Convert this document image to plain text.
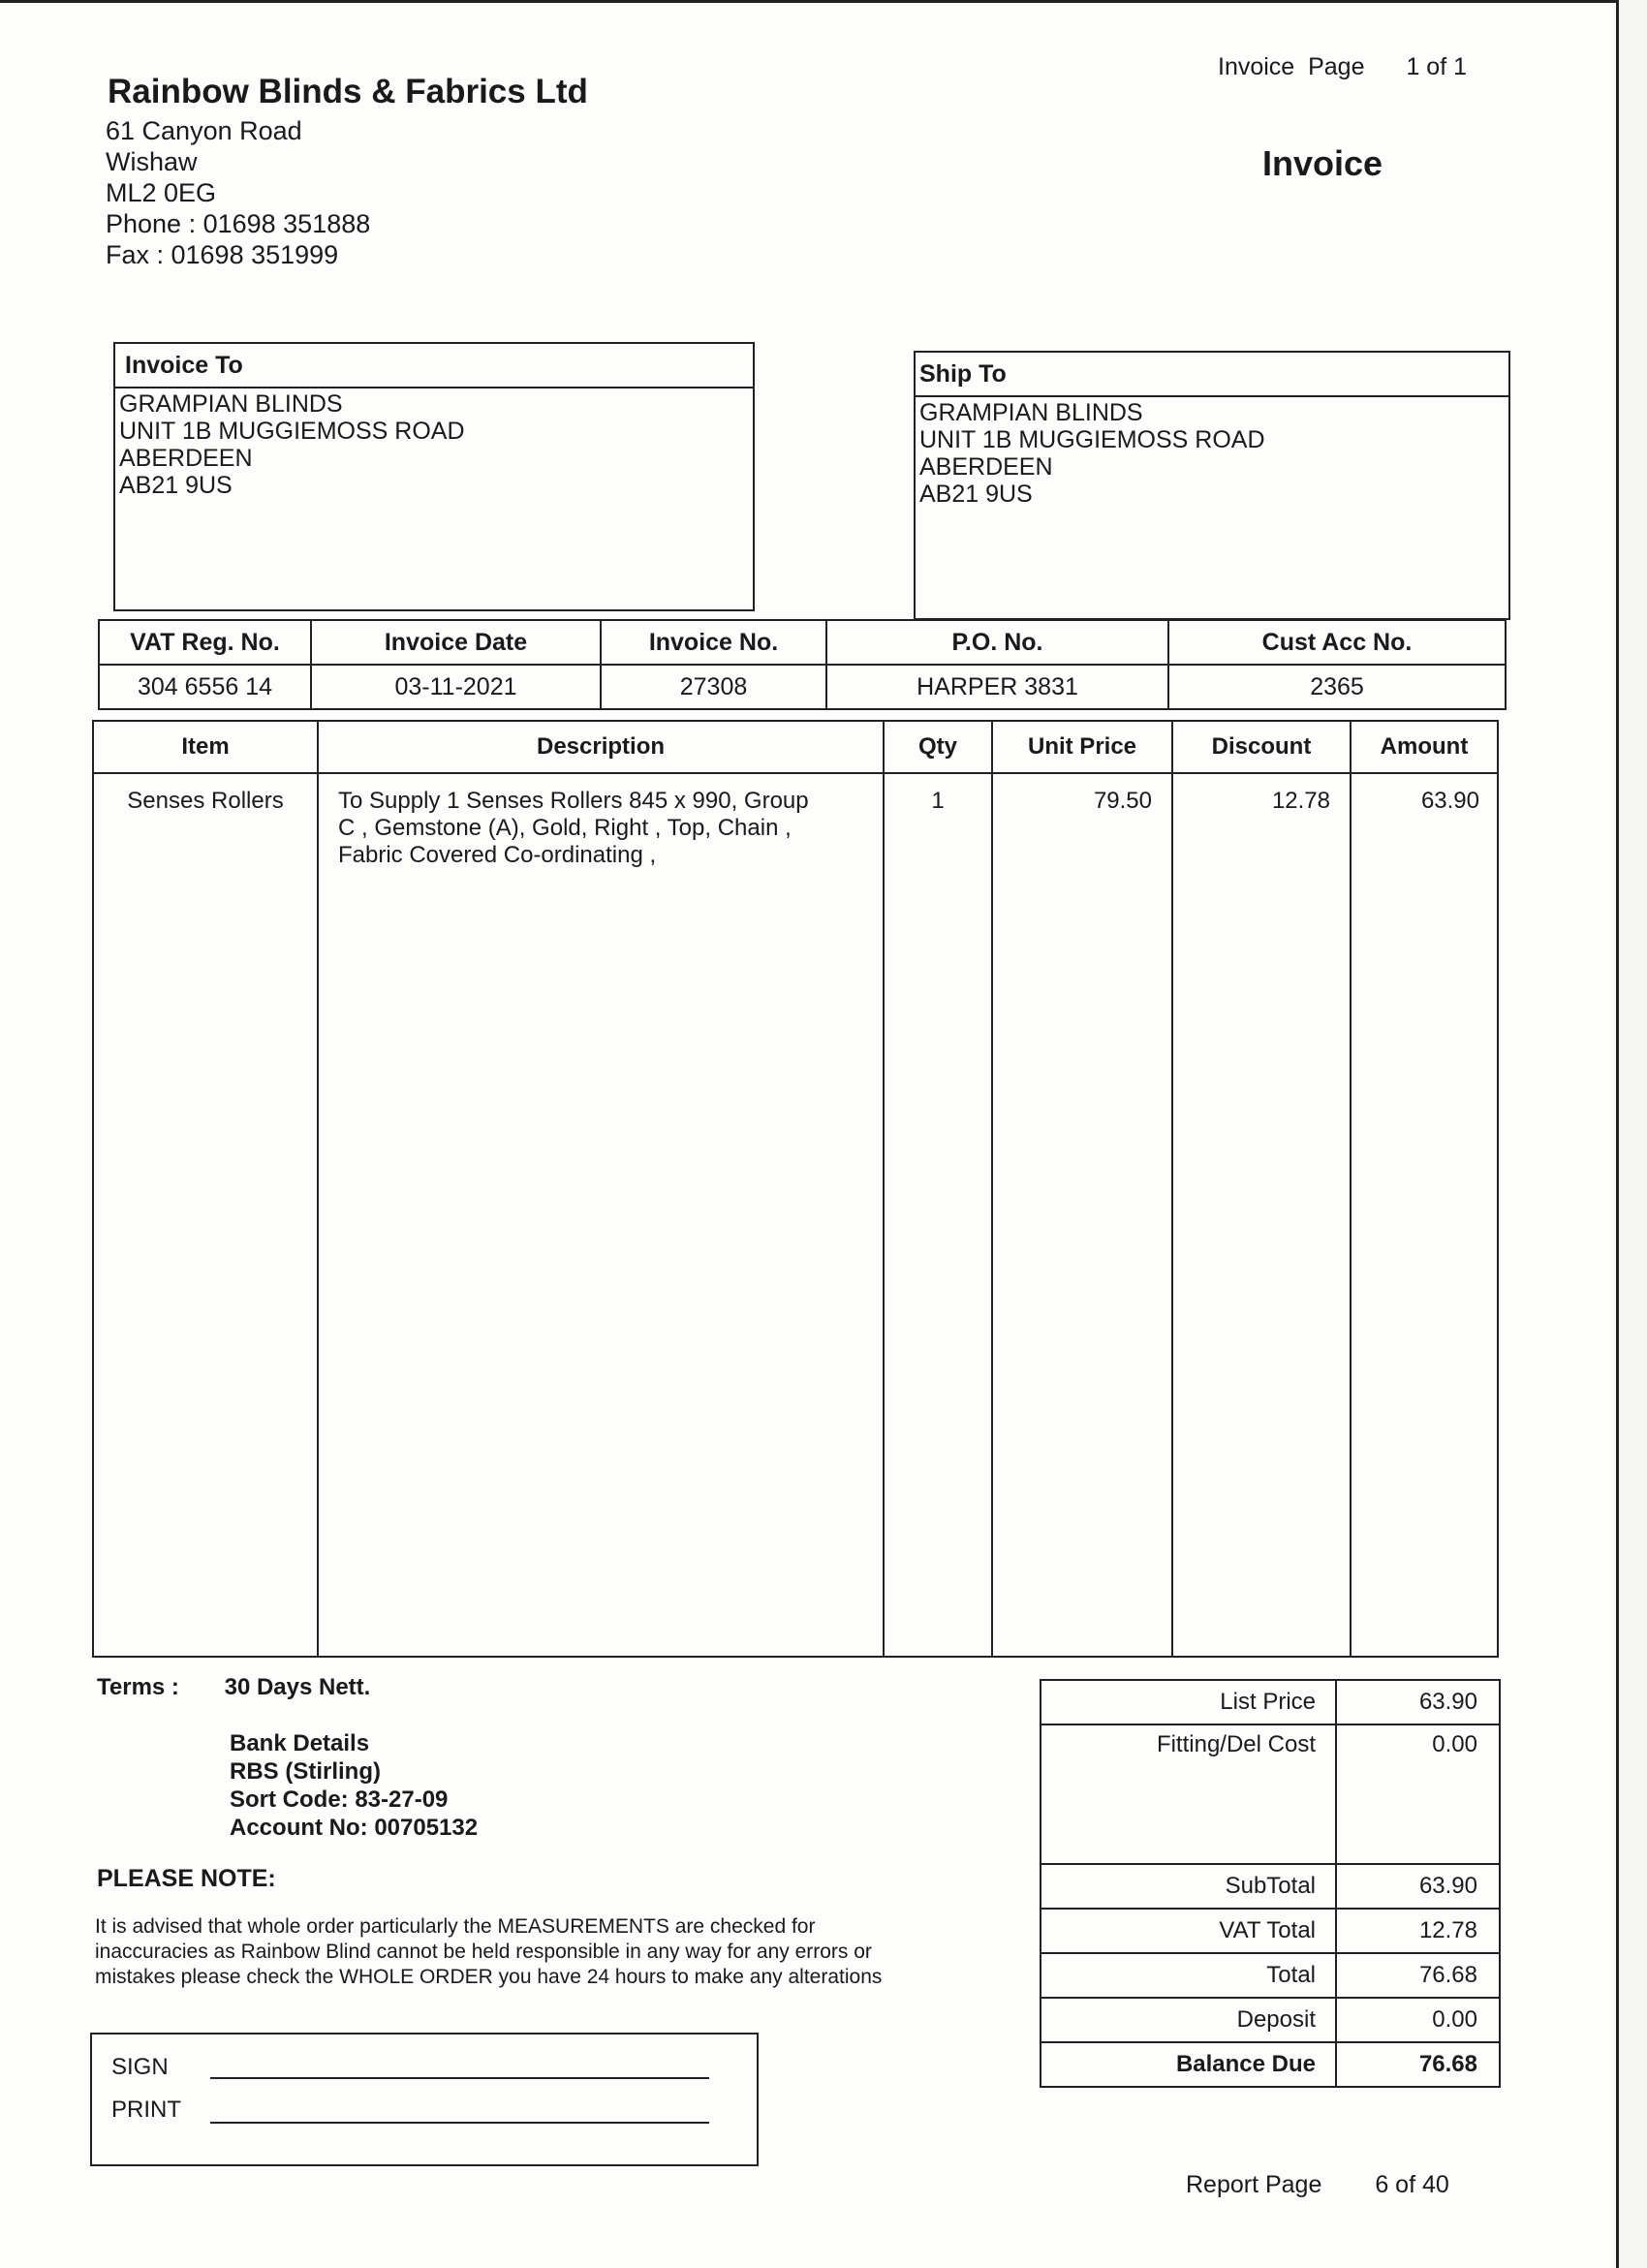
Rainbow Blinds & Fabrics Ltd
61 Canyon Road
Wishaw
ML2 0EG
Phone : 01698 351888
Fax : 01698 351999
Invoice  Page 1 of 1
Invoice
Invoice To
GRAMPIAN BLINDS
UNIT 1B MUGGIEMOSS ROAD
ABERDEEN
AB21 9US
Ship To
GRAMPIAN BLINDS
UNIT 1B MUGGIEMOSS ROAD
ABERDEEN
AB21 9US
VAT Reg. No.	Invoice Date	Invoice No.	P.O. No.	Cust Acc No.
304 6556 14	03-11-2021	27308	HARPER 3831	2365
Item	Description	Qty	Unit Price	Discount	Amount
Senses Rollers	To Supply 1 Senses Rollers 845 x 990, Group
C , Gemstone (A), Gold, Right , Top, Chain ,
Fabric Covered Co-ordinating ,	1	79.50	12.78	63.90
Terms : 30 Days Nett.
Bank Details
RBS (Stirling)
Sort Code: 83-27-09
Account No: 00705132
PLEASE NOTE:
It is advised that whole order particularly the MEASUREMENTS are checked for
inaccuracies as Rainbow Blind cannot be held responsible in any way for any errors or
mistakes please check the WHOLE ORDER you have 24 hours to make any alterations
SIGN
PRINT
List Price	63.90
Fitting/Del Cost	0.00
SubTotal	63.90
VAT Total	12.78
Total	76.68
Deposit	0.00
Balance Due	76.68
Report Page 6 of 40
